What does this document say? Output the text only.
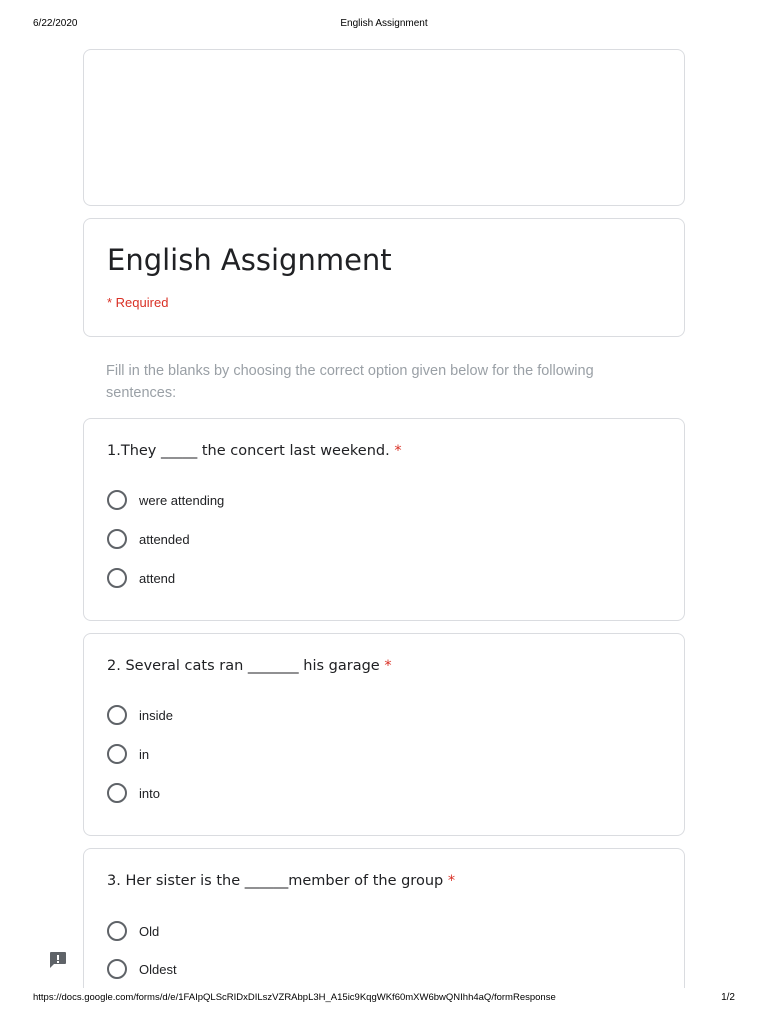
6/22/2020	English Assignment
English Assignment
* Required
Fill in the blanks by choosing the correct option given below for the following sentences:
1.They _____ the concert last weekend. *
were attending
attended
attend
2. Several cats ran _______ his garage *
inside
in
into
3. Her sister is the ______member of the group *
Old
Oldest
https://docs.google.com/forms/d/e/1FAIpQLScRIDxDILszVZRAbpL3H_A15ic9KqgWKf60mXW6bwQNIhh4aQ/formResponse	1/2
